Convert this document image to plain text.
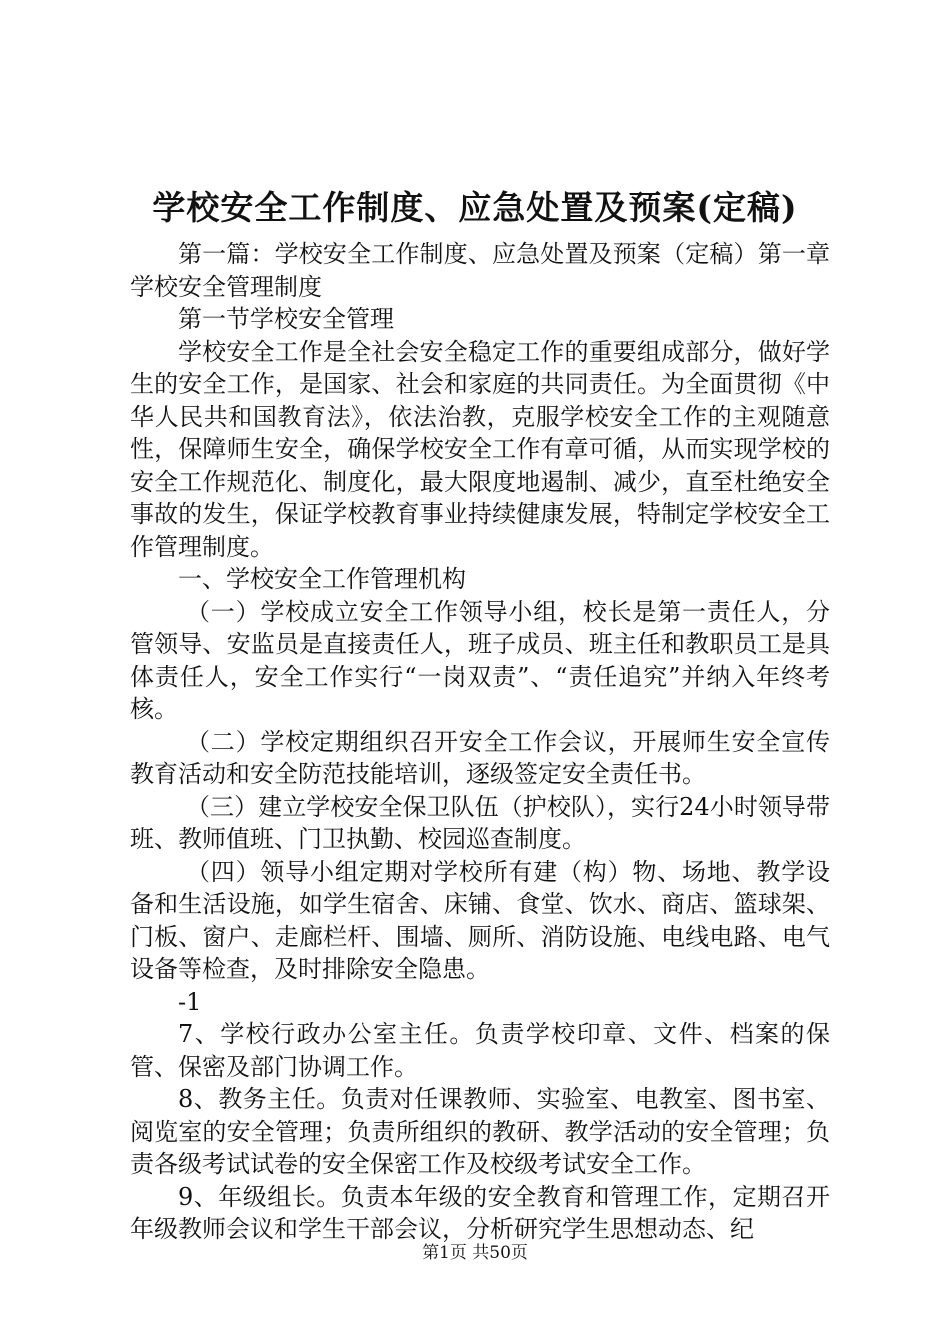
学校安全工作制度、应急处置及预案(定稿)

第一篇：学校安全工作制度、应急处置及预案（定稿）第一章学校安全管理制度

第一节学校安全管理

学校安全工作是全社会安全稳定工作的重要组成部分，做好学生的安全工作，是国家、社会和家庭的共同责任。为全面贯彻《中华人民共和国教育法》，依法治教，克服学校安全工作的主观随意性，保障师生安全，确保学校安全工作有章可循，从而实现学校的安全工作规范化、制度化，最大限度地遏制、减少，直至杜绝安全事故的发生，保证学校教育事业持续健康发展，特制定学校安全工作管理制度。

一、学校安全工作管理机构

（一）学校成立安全工作领导小组，校长是第一责任人，分管领导、安监员是直接责任人，班子成员、班主任和教职员工是具体责任人，安全工作实行“一岗双责”、“责任追究”并纳入年终考核。

（二）学校定期组织召开安全工作会议，开展师生安全宣传教育活动和安全防范技能培训，逐级签定安全责任书。

（三）建立学校安全保卫队伍（护校队），实行24小时领导带班、教师值班、门卫执勤、校园巡查制度。

（四）领导小组定期对学校所有建（构）物、场地、教学设备和生活设施，如学生宿舍、床铺、食堂、饮水、商店、篮球架、门板、窗户、走廊栏杆、围墙、厕所、消防设施、电线电路、电气设备等检查，及时排除安全隐患。

-1

7、学校行政办公室主任。负责学校印章、文件、档案的保管、保密及部门协调工作。

8、教务主任。负责对任课教师、实验室、电教室、图书室、阅览室的安全管理；负责所组织的教研、教学活动的安全管理；负责各级考试试卷的安全保密工作及校级考试安全工作。

9、年级组长。负责本年级的安全教育和管理工作，定期召开年级教师会议和学生干部会议，分析研究学生思想动态、纪

第1页 共50页
